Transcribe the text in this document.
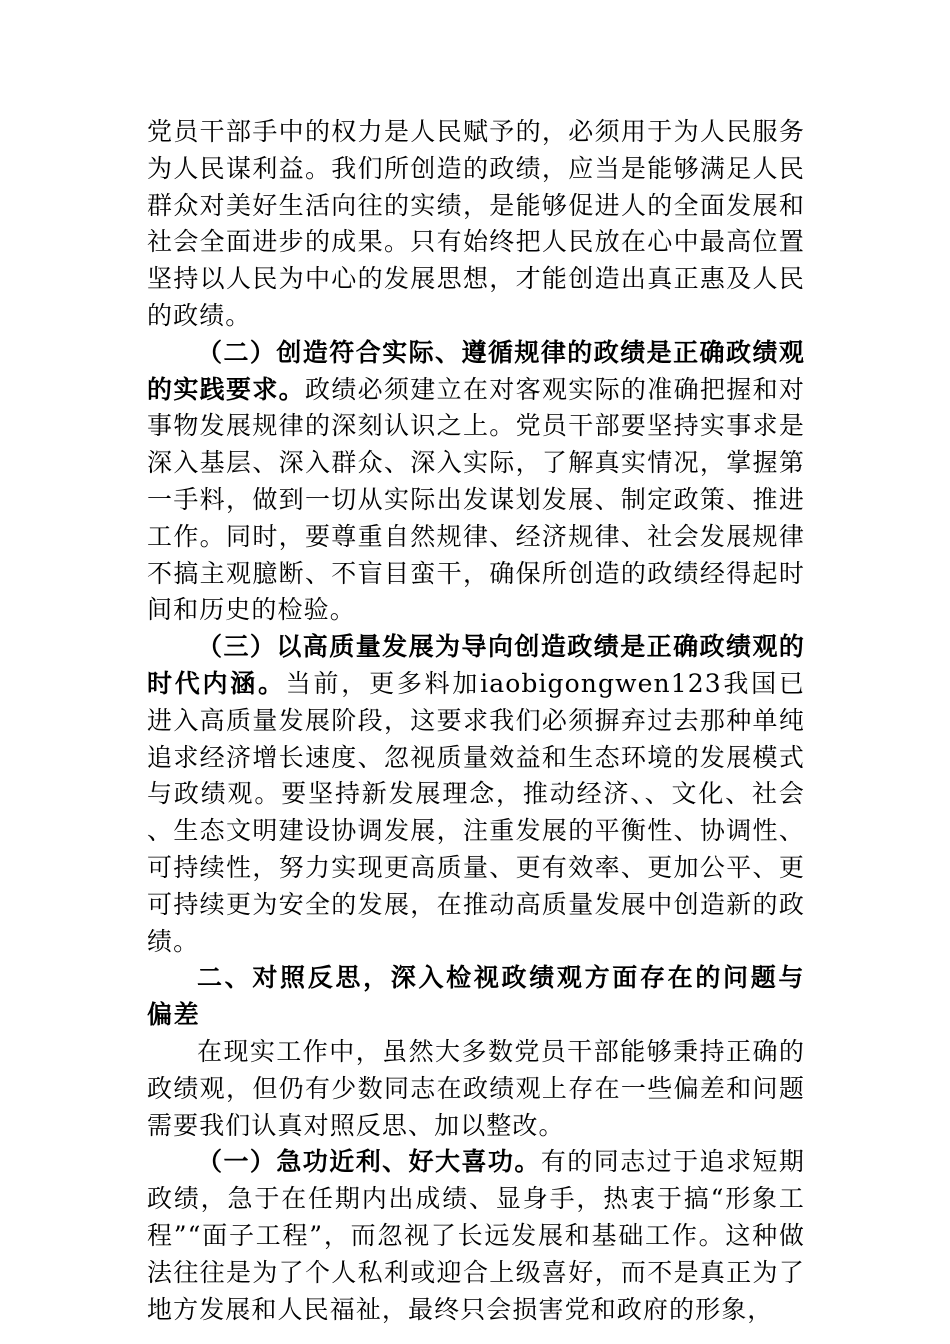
党员干部手中的权力是人民赋予的，必须用于为人民服务为人民谋利益。我们所创造的政绩，应当是能够满足人民群众对美好生活向往的实绩，是能够促进人的全面发展和社会全面进步的成果。只有始终把人民放在心中最高位置坚持以人民为中心的发展思想，才能创造出真正惠及人民的政绩。

（二）创造符合实际、遵循规律的政绩是正确政绩观的实践要求。政绩必须建立在对客观实际的准确把握和对事物发展规律的深刻认识之上。党员干部要坚持实事求是深入基层、深入群众、深入实际，了解真实情况，掌握第一手料，做到一切从实际出发谋划发展、制定政策、推进工作。同时，要尊重自然规律、经济规律、社会发展规律不搞主观臆断、不盲目蛮干，确保所创造的政绩经得起时间和历史的检验。

（三）以高质量发展为导向创造政绩是正确政绩观的时代内涵。当前，更多料加iaobigongwen123我国已进入高质量发展阶段，这要求我们必须摒弃过去那种单纯追求经济增长速度、忽视质量效益和生态环境的发展模式与政绩观。要坚持新发展理念，推动经济、、文化、社会、生态文明建设协调发展，注重发展的平衡性、协调性、可持续性，努力实现更高质量、更有效率、更加公平、更可持续更为安全的发展，在推动高质量发展中创造新的政绩。

二、对照反思，深入检视政绩观方面存在的问题与偏差

在现实工作中，虽然大多数党员干部能够秉持正确的政绩观，但仍有少数同志在政绩观上存在一些偏差和问题需要我们认真对照反思、加以整改。

（一）急功近利、好大喜功。有的同志过于追求短期政绩，急于在任期内出成绩、显身手，热衷于搞“形象工程”“面子工程”，而忽视了长远发展和基础工作。这种做法往往是为了个人私利或迎合上级喜好，而不是真正为了地方发展和人民福祉，最终只会损害党和政府的形象，
